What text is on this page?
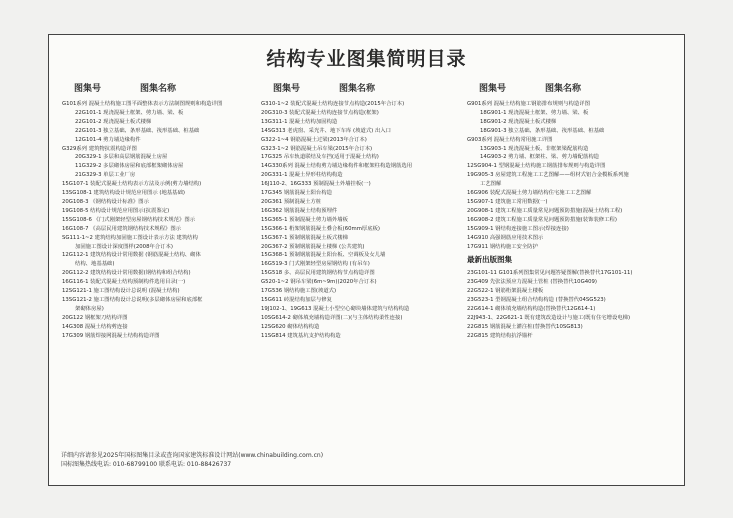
结构专业图集简明目录
图集号	图集名称
G101系列 混凝土结构施工图平面整体表示方法制图规则和构造详图
22G101-1 现浇混凝土框架、剪力墙、梁、板
22G101-2 现浇混凝土板式楼梯
22G101-3 独立基础、条形基础、筏形基础、桩基础
12G101-4 剪力墙边缘构件
G329系列 建筑物抗震构造详图
20G329-1 多层和高层钢筋混凝土房屋
11G329-2 多层砌体房屋和底部框架砌体房屋
21G329-3 单层工业厂房
15G107-1 装配式混凝土结构表示方法及示例(剪力墙结构)
13SG108-1 建筑结构设计规范应用图示 (地基基础)
20G108-3 《钢结构设计标准》图示
19G108-5 结构设计规范应用图示(抗震鉴定)
15SG108-6 《门式刚架轻型房屋钢结构技术规范》图示
16G108-7 《高层民用建筑钢结构技术规程》图示
SG111-1~2 建筑结构加固施工图设计表示方法 建筑结构
加固施工图设计深度图样(2008年合订本)
12G112-1 建筑结构设计常用数据 (钢筋混凝土结构、砌体
结构、地基基础)
20G112-2 建筑结构设计常用数据(钢结构和组合结构)
16G116-1 装配式混凝土结构预制构件选用目录(一)
12SG121-1 施工图结构设计总说明 (混凝土结构)
13SG121-2 施工图结构设计总说明(多层砌体房屋和底部框
架砌体房屋)
20G122 钢框架刀结构详图
14G308 混凝土结构剪连接
17G309 钢筋焊接网混凝土结构构造详图
图集号	图集名称
G310-1~2 装配式混凝土结构连接节点构造(2015年合订本)
20G310-3 装配式混凝土结构连接节点构造(框架)
13G311-1 混凝土结构加固构造
14SG313 老虎窗、采光井、地下车库 (坡道式) 出入口
G322-1~4 钢筋混凝土过梁(2013年合订本)
G323-1~2 钢筋混凝土吊车梁(2015年合订本)
17G325 吊车轨道联结及车挡(适用于混凝土结构)
14G330系列 混凝土结构剪力墙边缘构件和框架柱构造钢筋选用
20G331-1 混凝土异形柱结构构造
16J110-2、16G333 预制混凝土外墙挂板(一)
17G345 钢筋混凝土阳台构造
20G361 预制混凝土方桩
16G362 钢筋混凝土结构预埋件
15G365-1 预制混凝土剪力墙外墙板
15G366-1 桁架钢筋混凝土叠合板(60mm厚底板)
15G367-1 预制钢筋混凝土板式楼梯
20G367-2 预制钢筋混凝土楼梯 (公共建筑)
15G368-1 预制钢筋混凝土阳台板、空调板及女儿墙
16G519-3 门式刚架轻型房屋钢结构 (有吊车)
15G518 多、高层民用建筑钢结构节点构造详图
G520-1~2 钢吊车梁(6m~9m)(2020年合订本)
17G536 钢结构施工图(坡道式)
15G611 砖混结构加层与修复
19J102-1、19G613 混凝土小型空心砌块墙体建筑与结构构造
10SG614-2 砌体填充墙构造详图(二)(与主体结构柔性连接)
12SG620 砌体结构构造
11SG814 建筑基坑支护结构构造
图集号	图集名称
G901系列 混凝土结构施工钢筋排布规则与构造详图
18G901-1 现浇混凝土框架、剪力墙、梁、板
18G901-2 现浇混凝土板式楼梯
18G901-3 独立基础、条形基础、筏形基础、桩基础
G903系列 混凝土结构常用施工详图
13G903-1 现浇混凝土板、非框架梁配筋构造
14G903-2 剪力墙、框架柱、梁、剪力墙配筋构造
12SG904-1 型钢混凝土结构施工钢筋排布规则与构造详图
19G905-3 房屋建筑工程施工工艺图解——组材式铝合金模板系列施
工艺图解
16G906 装配式混凝土剪力墙结构住宅施工工艺图解
15G907-1 建筑施工常用数据(一)
20G908-1 建筑工程施工质量常见问题预防措施(混凝土结构工程)
16G908-2 建筑工程施工质量常见问题预防措施(装饰装修工程)
15G909-1 钢结构连接施工图示(焊接连接)
14G910 高强钢筋应用技术图示
17G911 钢结构施工安全防护
最新出版图集
23G101-11 G101系列图集常见问题答疑图解(替换替代17G101-11)
23G409 先张法预应力混凝土管桩 (替换替代10G409)
22G522-1 钢筋桁架混凝土楼板
23G523-1 型钢混凝土组合结构构造 (替换替代04SG523)
22G614-1 砌体填充墙结构构造(替换替代12G614-1)
22J943-1、22G621-1 既有建筑改造设计与施工(既有住宅增设电梯)
22G815 钢筋混凝土灌注桩(替换替代10SG813)
22G815 建筑结构抗浮锚杆
详细内容请参见2025年国标图集目录或查询国家建筑标准设计网站(www.chinabuilding.com.cn)
国标图集热线电话: 010-68799100 联系电话: 010-88426737
